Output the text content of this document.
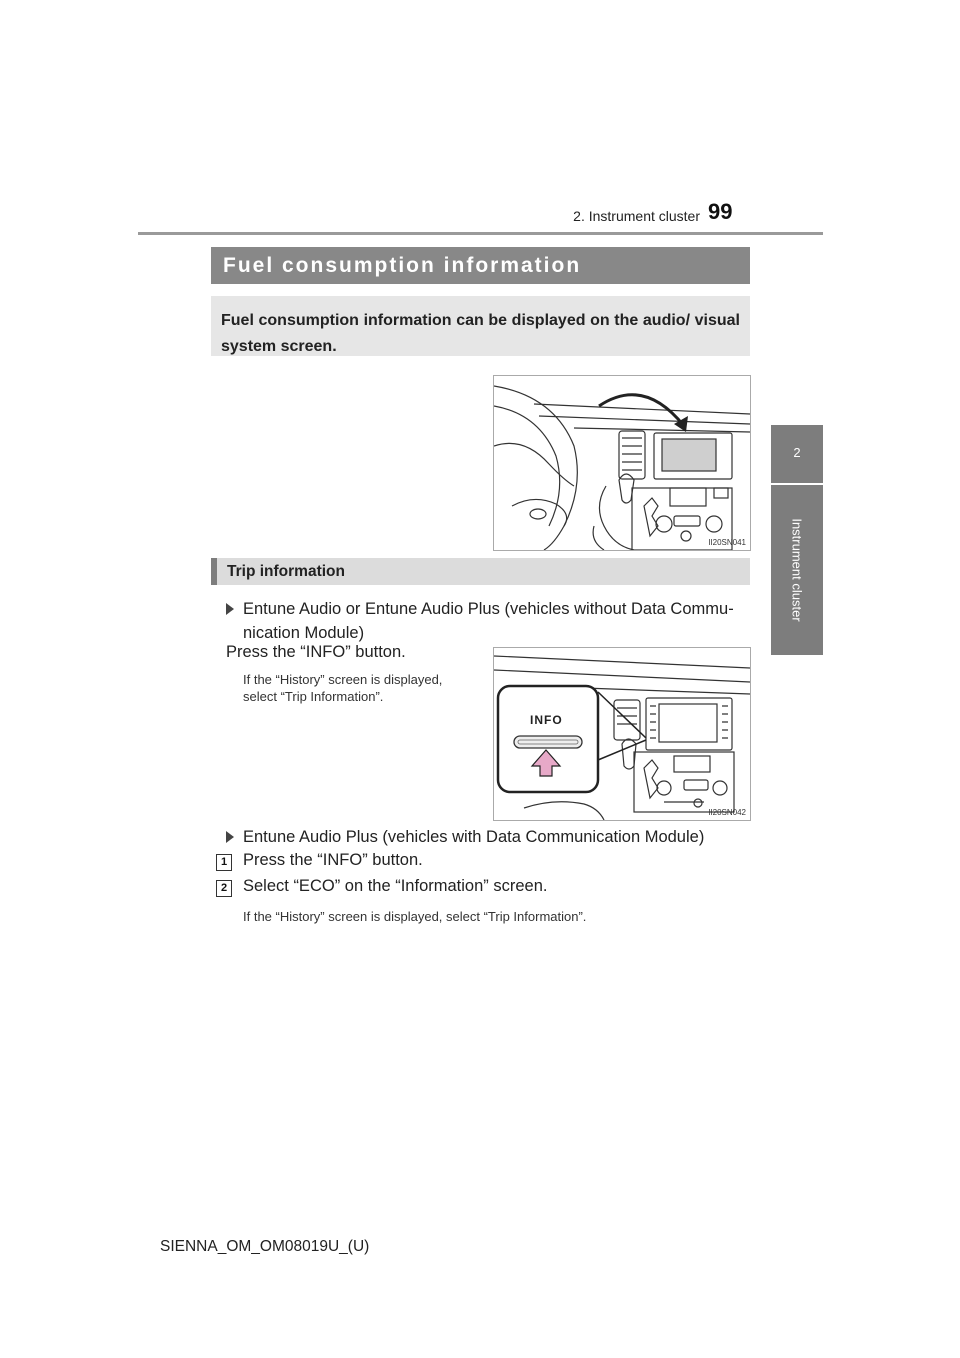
2. Instrument cluster 99
2
Instrument cluster
Fuel consumption information
Fuel consumption information can be displayed on the audio/ visual system screen.
II20SN041
Trip information
Entune Audio or Entune Audio Plus (vehicles without Data Commu-
nication Module)
Press the “INFO” button.
If the “History” screen is displayed,
select “Trip Information”.
INFO
II20SN042
Entune Audio Plus (vehicles with Data Communication Module)
1 Press the “INFO” button.
2 Select “ECO” on the “Information” screen.
If the “History” screen is displayed, select “Trip Information”.
SIENNA_OM_OM08019U_(U)
